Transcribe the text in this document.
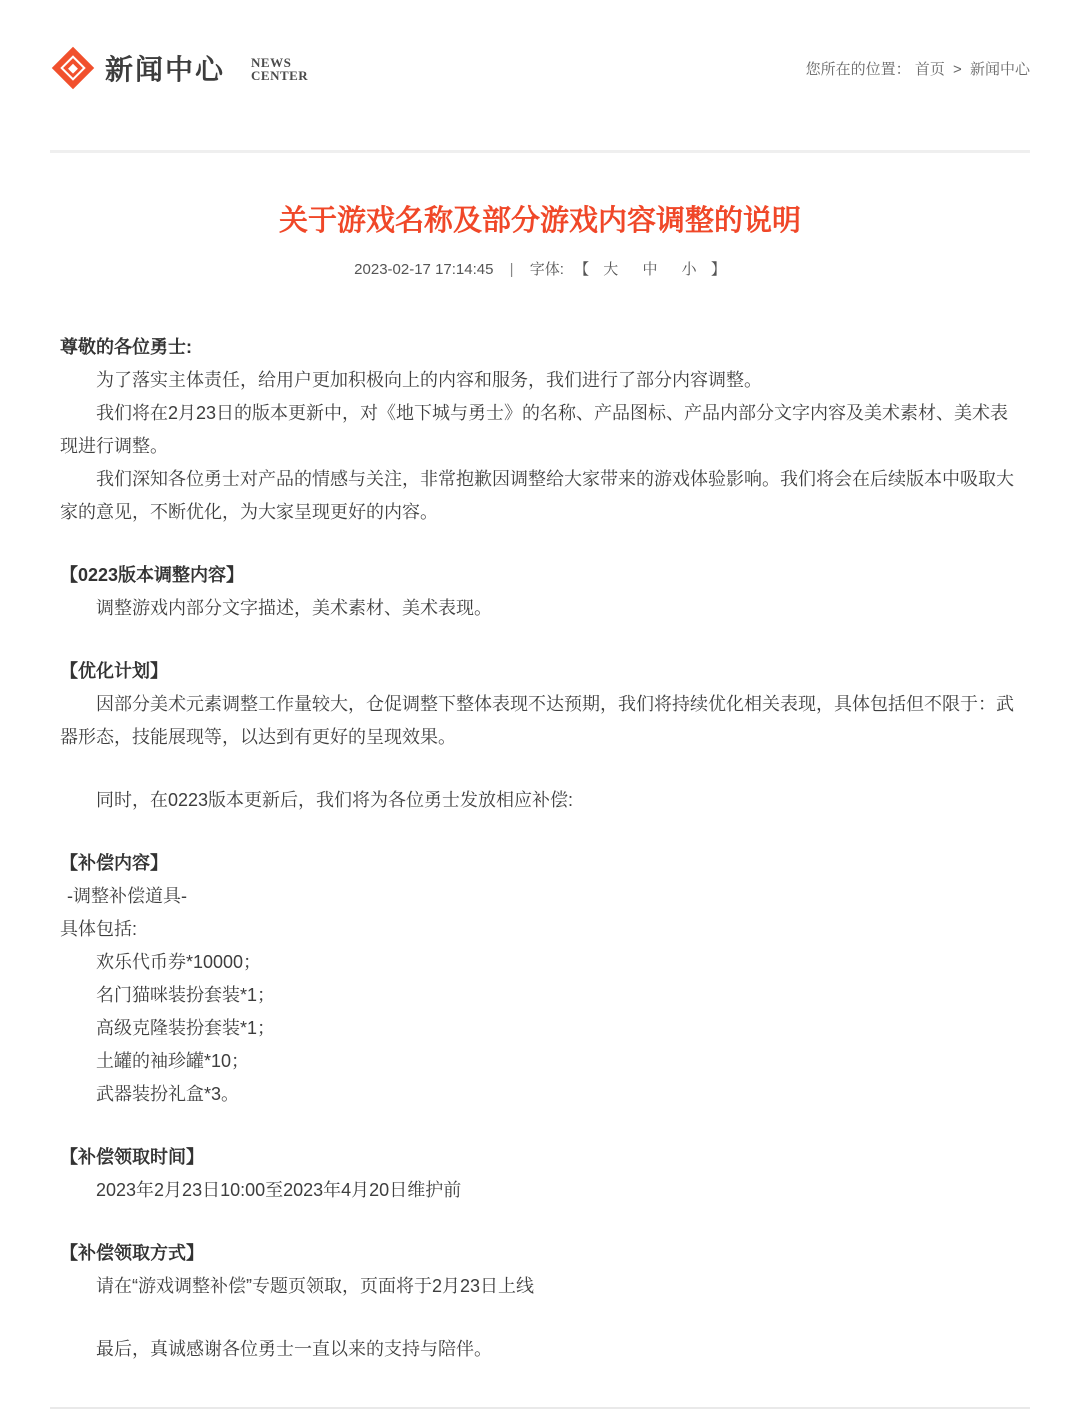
新闻中心 NEWS
CENTER	您所在的位置： 首页 > 新闻中心
关于游戏名称及部分游戏内容调整的说明
2023-02-17 17:14:45 | 字体: 【 大 中 小 】

尊敬的各位勇士:

为了落实主体责任，给用户更加积极向上的内容和服务，我们进行了部分内容调整。

我们将在2月23日的版本更新中，对《地下城与勇士》的名称、产品图标、产品内部分文字内容及美术素材、美术表现进行调整。

我们深知各位勇士对产品的情感与关注，非常抱歉因调整给大家带来的游戏体验影响。我们将会在后续版本中吸取大家的意见，不断优化，为大家呈现更好的内容。

【0223版本调整内容】

调整游戏内部分文字描述，美术素材、美术表现。

【优化计划】

因部分美术元素调整工作量较大，仓促调整下整体表现不达预期，我们将持续优化相关表现，具体包括但不限于：武器形态，技能展现等，以达到有更好的呈现效果。

同时，在0223版本更新后，我们将为各位勇士发放相应补偿:

【补偿内容】

-调整补偿道具-

具体包括:

欢乐代币券*10000；

名门猫咪装扮套装*1；

高级克隆装扮套装*1；

土罐的袖珍罐*10；

武器装扮礼盒*3。

【补偿领取时间】

2023年2月23日10:00至2023年4月20日维护前

【补偿领取方式】

请在“游戏调整补偿”专题页领取，页面将于2月23日上线

最后，真诚感谢各位勇士一直以来的支持与陪伴。
